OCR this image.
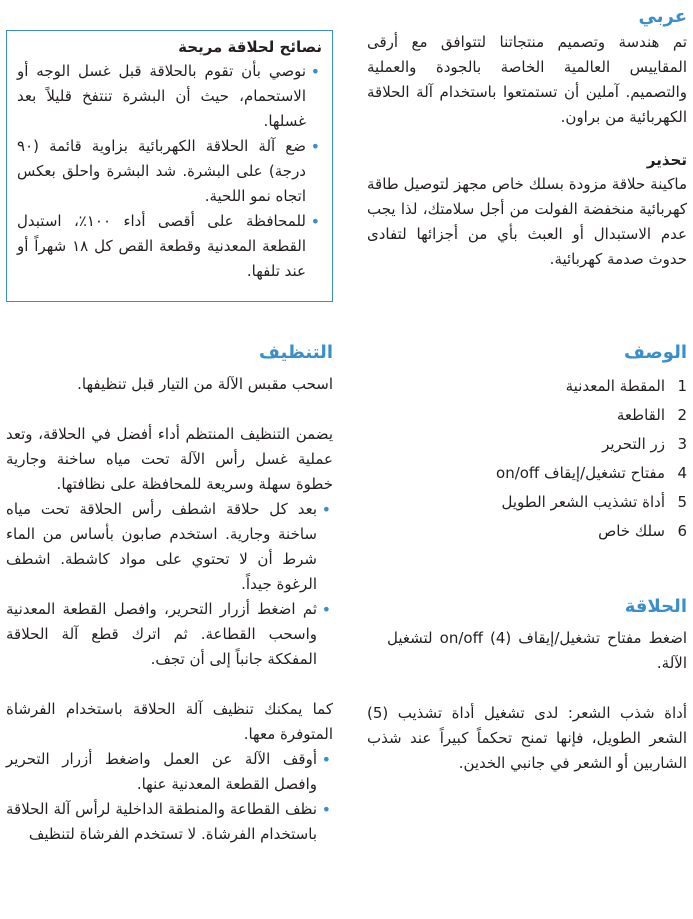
عربي

تم هندسة وتصميم منتجاتنا لتتوافق مع أرقى المقاييس العالمية الخاصة بالجودة والعملية والتصميم. آملين أن تستمتعوا باستخدام آلة الحلاقة الكهربائية من براون.

تحذير

ماكينة حلاقة مزودة بسلك خاص مجهز لتوصيل طاقة كهربائية منخفضة الفولت من أجل سلامتك، لذا يجب عدم الاستبدال أو العبث بأي من أجزائها لتفادى حدوث صدمة كهربائية.

الوصف
1
المقطة المعدنية
2
القاطعة
3
زر التحرير
4
مفتاح تشغيل/إيقاف on/off
5
أداة تشذيب الشعر الطويل
6
سلك خاص
الحلاقة

اضغط مفتاح تشغيل/إيقاف on/off (4) لتشغيل الآلة.

أداة شذب الشعر: لدى تشغيل أداة تشذيب (5) الشعر الطويل، فإنها تمنح تحكماً كبيراً عند شذب الشاربين أو الشعر في جانبي الخدين.

نصائح لحلاقة مريحة
• نوصي بأن تقوم بالحلاقة قبل غسل الوجه أو الاستحمام، حيث أن البشرة تنتفخ قليلاً بعد غسلها.
• ضع آلة الحلاقة الكهربائية بزاوية قائمة (٩٠ درجة) على البشرة. شد البشرة واحلق بعكس اتجاه نمو اللحية.
• للمحافظة على أقصى أداء ١٠٠٪، استبدل القطعة المعدنية وقطعة القص كل ١٨ شهراً أو عند تلفها.
التنظيف

اسحب مقبس الآلة من التيار قبل تنظيفها.

يضمن التنظيف المنتظم أداء أفضل في الحلاقة، وتعد عملية غسل رأس الآلة تحت مياه ساخنة وجارية خطوة سهلة وسريعة للمحافظة على نظافتها.

• بعد كل حلاقة اشطف رأس الحلاقة تحت مياه ساخنة وجارية. استخدم صابون بأساس من الماء شرط أن لا تحتوي على مواد كاشطة. اشطف الرغوة جيداً.
• ثم اضغط أزرار التحرير، وافصل القطعة المعدنية واسحب القطاعة. ثم اترك قطع آلة الحلاقة المفككة جانباً إلى أن تجف.

كما يمكنك تنظيف آلة الحلاقة باستخدام الفرشاة المتوفرة معها.

• أوقف الآلة عن العمل واضغط أزرار التحرير وافصل القطعة المعدنية عنها.
• نظف القطاعة والمنطقة الداخلية لرأس آلة الحلاقة باستخدام الفرشاة. لا تستخدم الفرشاة لتنظيف
